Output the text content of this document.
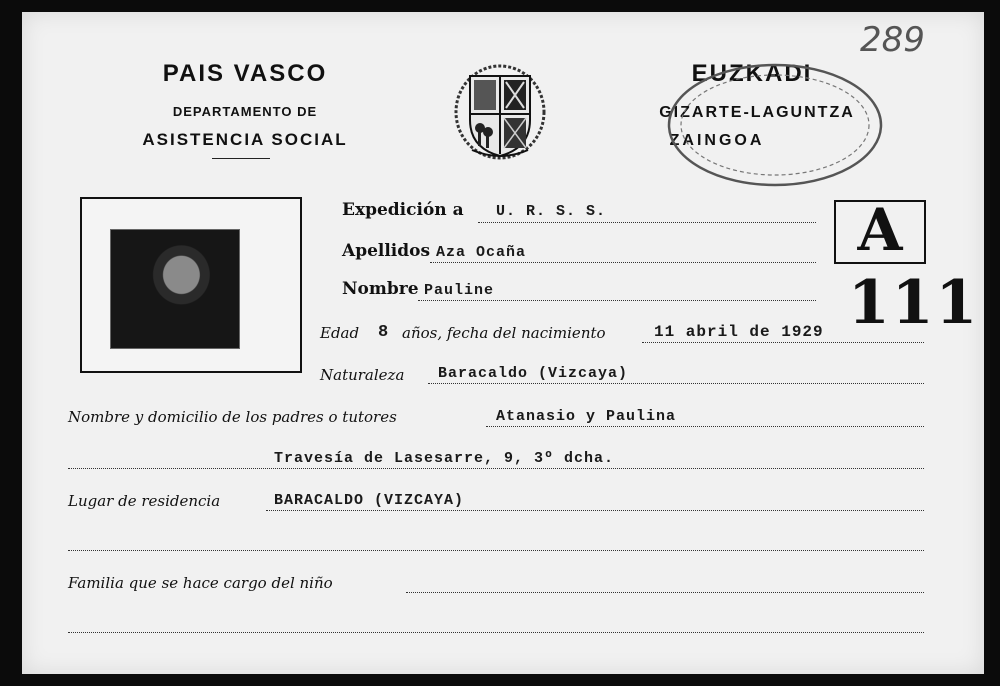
PAIS VASCO
DEPARTAMENTO DE
ASISTENCIA SOCIAL
EUZKADI
GIZARTE-LAGUNTZA
ZAINGOA
289
A
111
Expedición a U. R. S. S.
Apellidos Aza Ocaña
Nombre Pauline
Edad 8 años, fecha del nacimiento	11 abril de 1929
Naturaleza Baracaldo (Vizcaya)
Nombre y domicilio de los padres o tutores	Atanasio y Paulina
Travesía de Lasesarre, 9, 3º dcha.
Lugar de residencia	BARACALDO (VIZCAYA)
Familia que se hace cargo del niño
